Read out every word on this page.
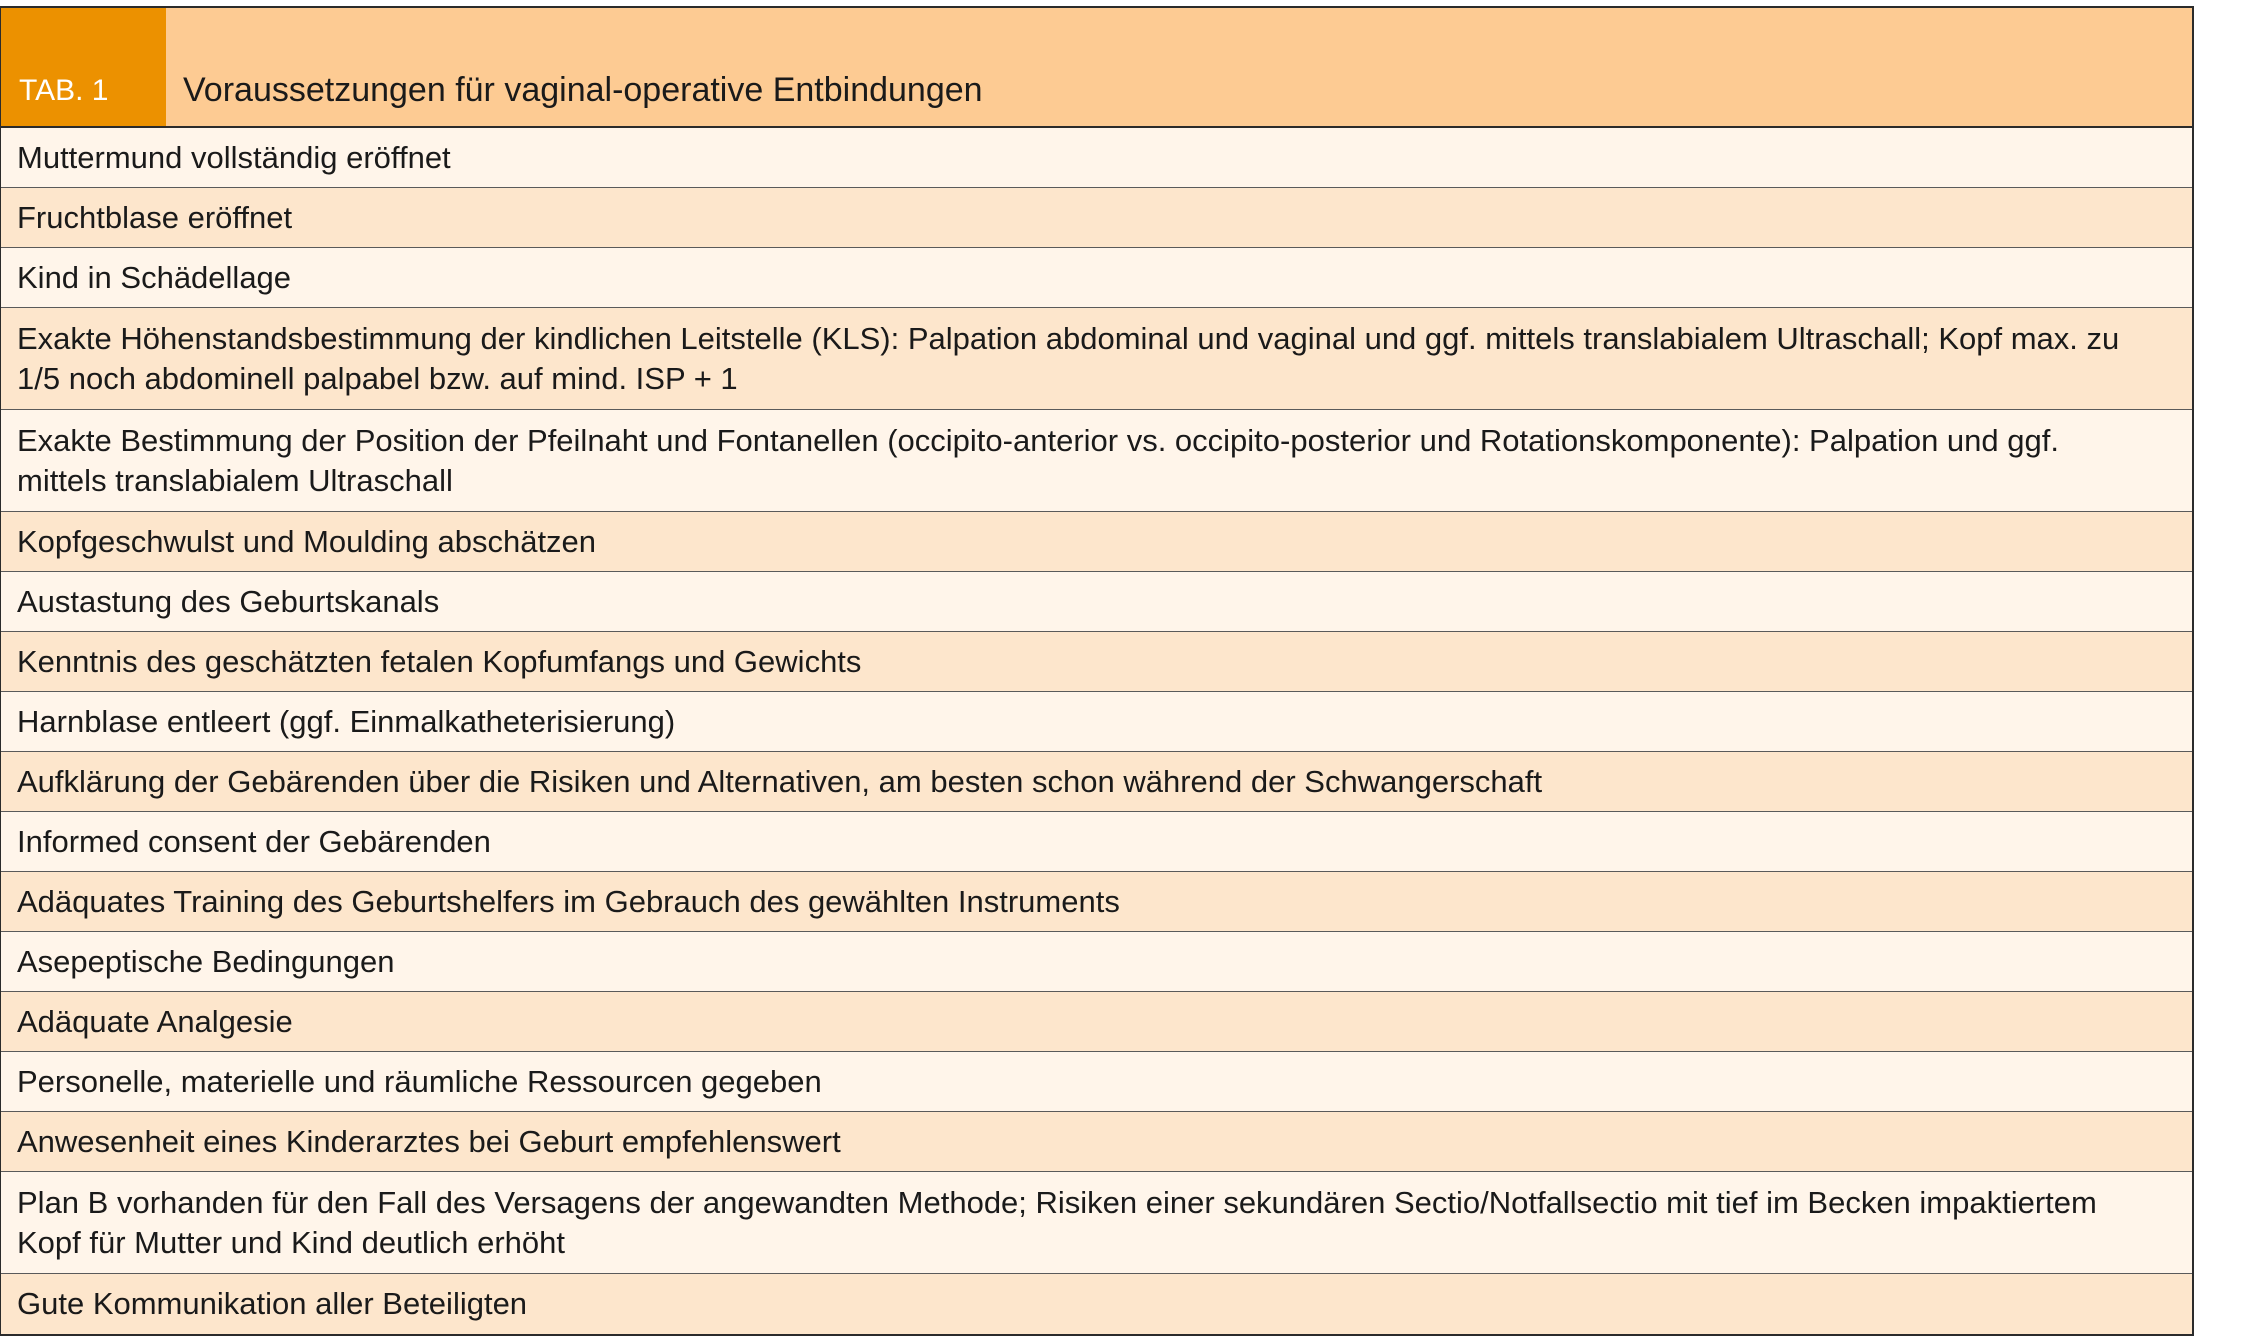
TAB. 1	Voraussetzungen für vaginal-operative Entbindungen
Muttermund vollständig eröffnet
Fruchtblase eröffnet
Kind in Schädellage
Exakte Höhenstandsbestimmung der kindlichen Leitstelle (KLS): Palpation abdominal und vaginal und ggf. mittels translabialem Ultraschall; Kopf max. zu 1/5 noch abdominell palpabel bzw. auf mind. ISP + 1
Exakte Bestimmung der Position der Pfeilnaht und Fontanellen (occipito-anterior vs. occipito-posterior und Rotationskomponente): Palpation und ggf. mittels translabialem Ultraschall
Kopfgeschwulst und Moulding abschätzen
Austastung des Geburtskanals
Kenntnis des geschätzten fetalen Kopfumfangs und Gewichts
Harnblase entleert (ggf. Einmalkatheterisierung)
Aufklärung der Gebärenden über die Risiken und Alternativen, am besten schon während der Schwangerschaft
Informed consent der Gebärenden
Adäquates Training des Geburtshelfers im Gebrauch des gewählten Instruments
Asepeptische Bedingungen
Adäquate Analgesie
Personelle, materielle und räumliche Ressourcen gegeben
Anwesenheit eines Kinderarztes bei Geburt empfehlenswert
Plan B vorhanden für den Fall des Versagens der angewandten Methode; Risiken einer sekundären Sectio/Notfallsectio mit tief im Becken impaktiertem Kopf für Mutter und Kind deutlich erhöht
Gute Kommunikation aller Beteiligten
